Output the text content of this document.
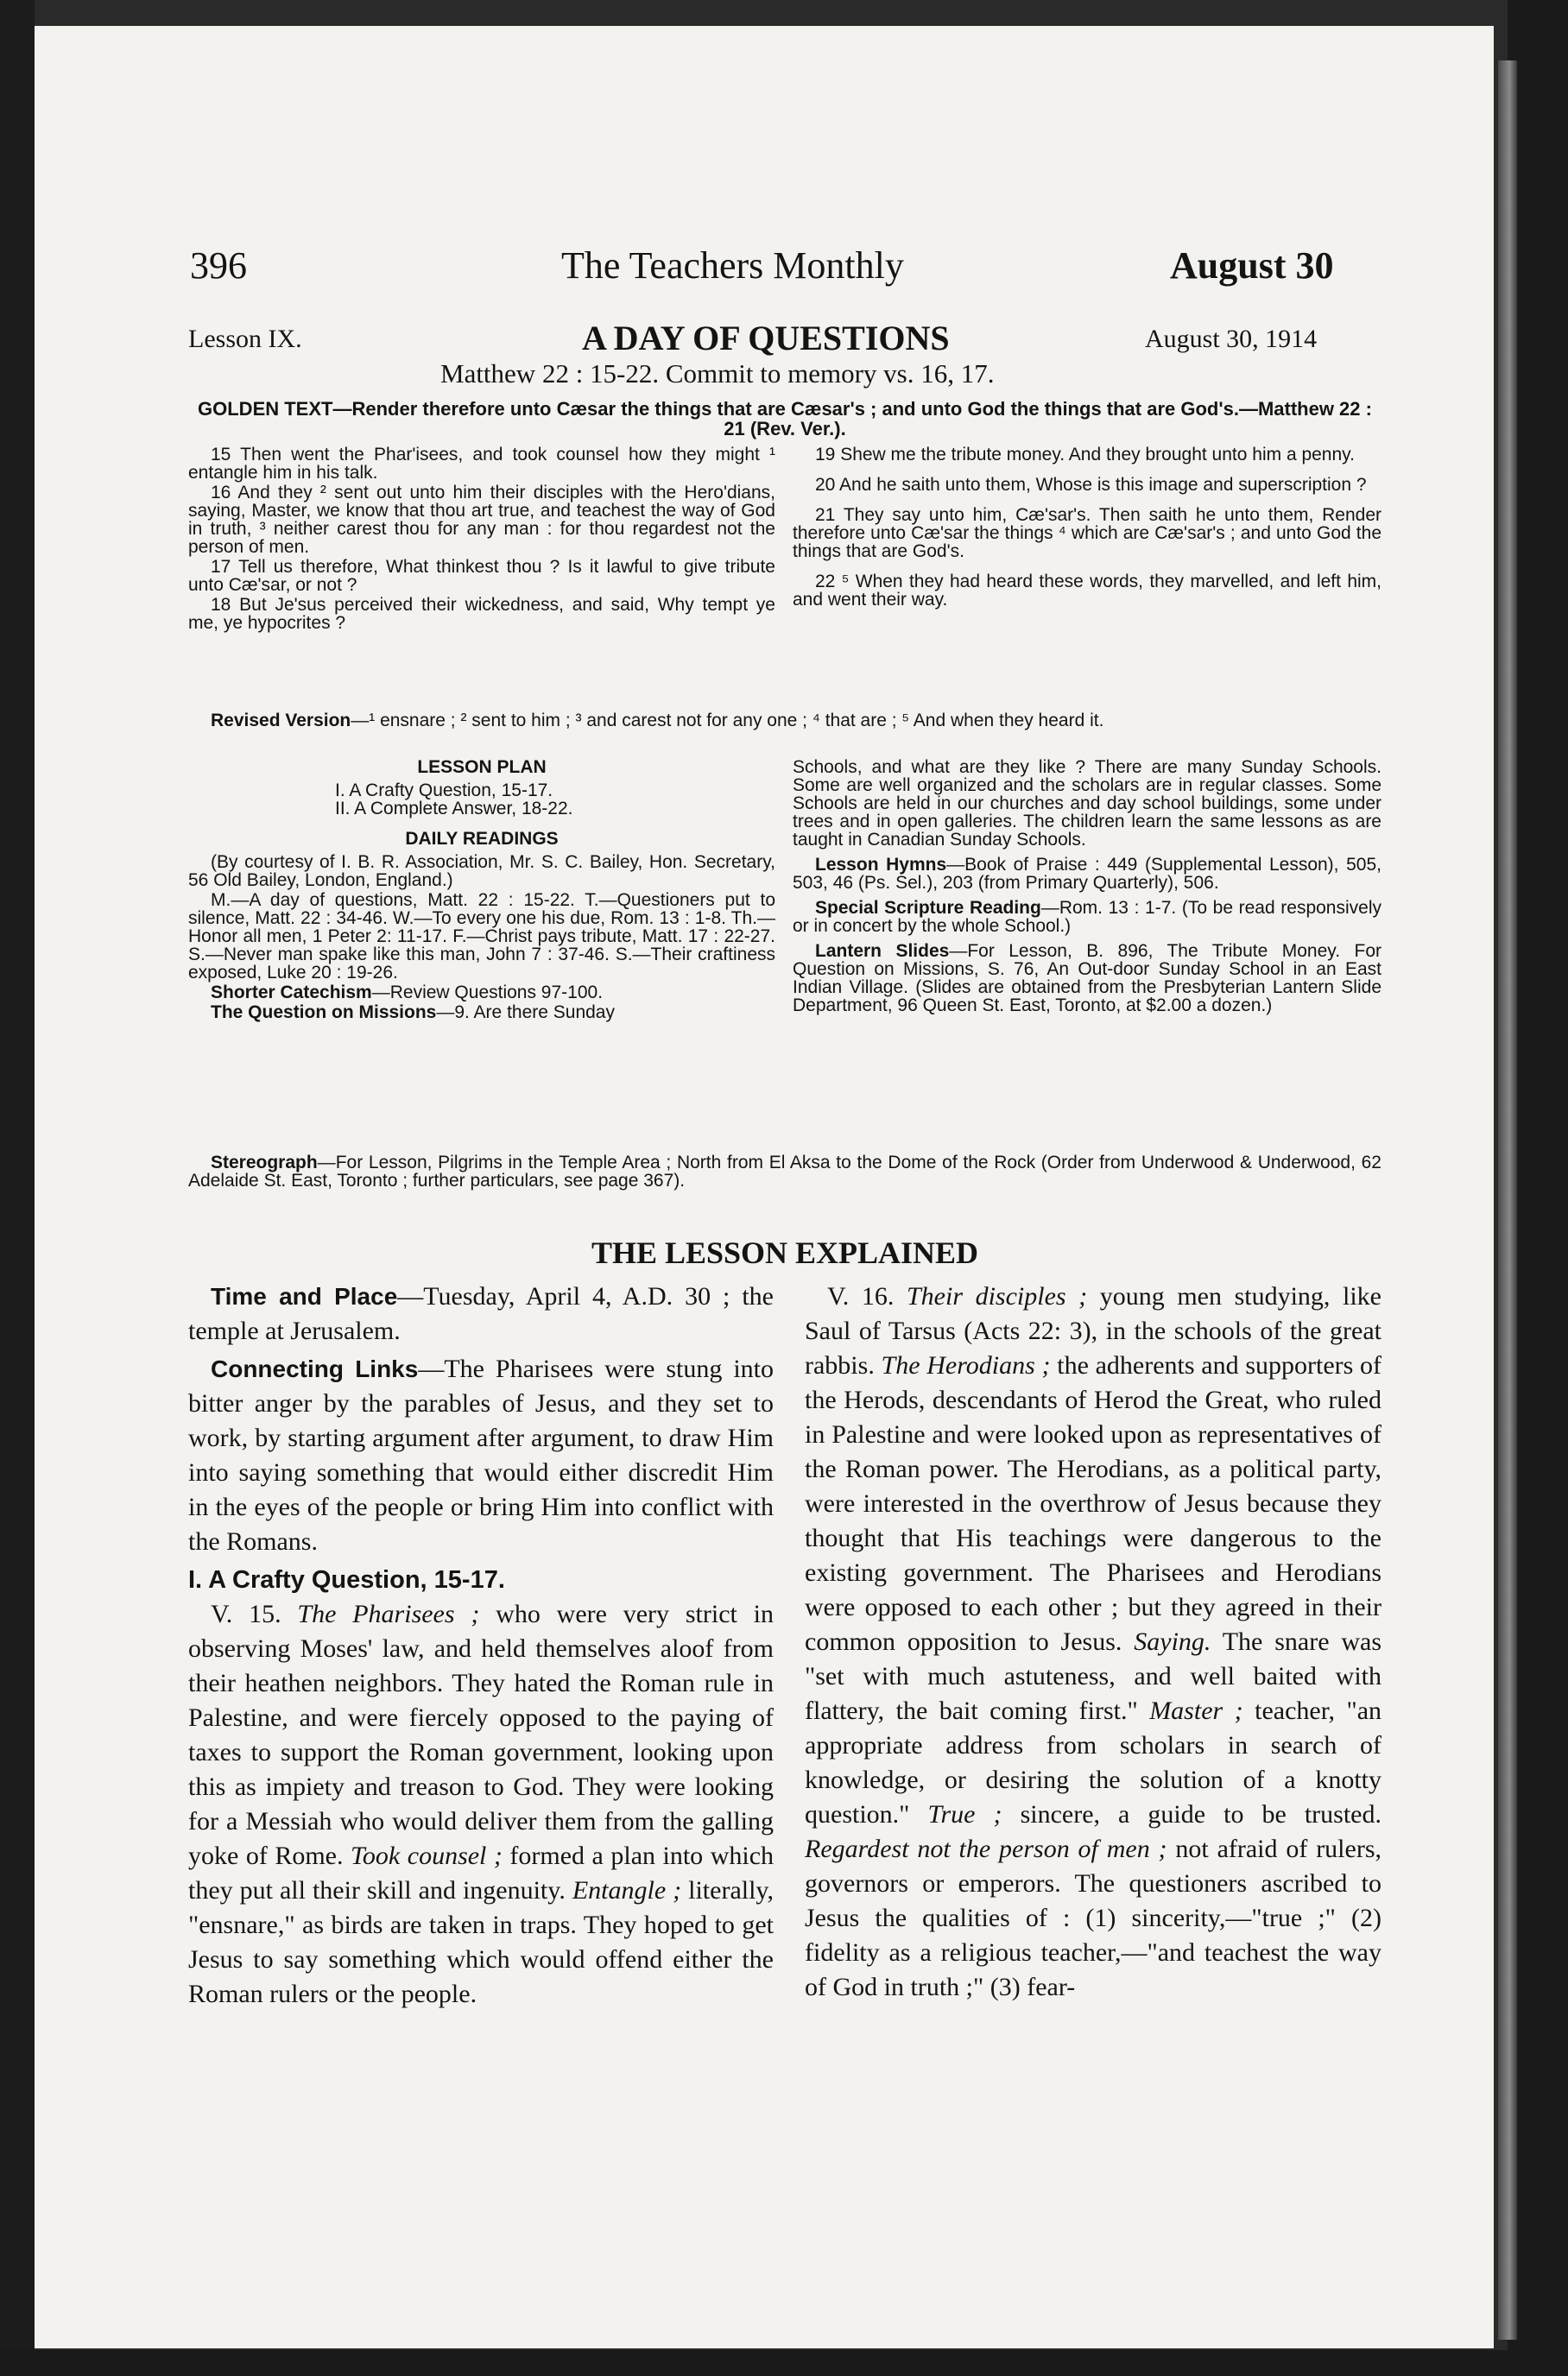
396	The Teachers Monthly	August 30
Lesson IX.	A DAY OF QUESTIONS	August 30, 1914
Matthew 22 : 15-22. Commit to memory vs. 16, 17.
GOLDEN TEXT—Render therefore unto Cæsar the things that are Cæsar's ; and unto God the things that are God's.—Matthew 22 : 21 (Rev. Ver.).

15 Then went the Phar'isees, and took counsel how they might ¹ entangle him in his talk.

16 And they ² sent out unto him their disciples with the Hero'dians, saying, Master, we know that thou art true, and teachest the way of God in truth, ³ neither carest thou for any man : for thou regardest not the person of men.

17 Tell us therefore, What thinkest thou ? Is it lawful to give tribute unto Cæ'sar, or not ?

18 But Je'sus perceived their wickedness, and said, Why tempt ye me, ye hypocrites ?

19 Shew me the tribute money. And they brought unto him a penny.

20 And he saith unto them, Whose is this image and superscription ?

21 They say unto him, Cæ'sar's. Then saith he unto them, Render therefore unto Cæ'sar the things ⁴ which are Cæ'sar's ; and unto God the things that are God's.

22 ⁵ When they had heard these words, they marvelled, and left him, and went their way.

Revised Version—¹ ensnare ; ² sent to him ; ³ and carest not for any one ; ⁴ that are ; ⁵ And when they heard it.

LESSON PLAN

I. A Crafty Question, 15-17.

II. A Complete Answer, 18-22.

DAILY READINGS

(By courtesy of I. B. R. Association, Mr. S. C. Bailey, Hon. Secretary, 56 Old Bailey, London, England.)

M.—A day of questions, Matt. 22 : 15-22. T.—Questioners put to silence, Matt. 22 : 34-46. W.—To every one his due, Rom. 13 : 1-8. Th.—Honor all men, 1 Peter 2: 11-17. F.—Christ pays tribute, Matt. 17 : 22-27. S.—Never man spake like this man, John 7 : 37-46. S.—Their craftiness exposed, Luke 20 : 19-26.

Shorter Catechism—Review Questions 97-100.

The Question on Missions—9. Are there Sunday

Schools, and what are they like ? There are many Sunday Schools. Some are well organized and the scholars are in regular classes. Some Schools are held in our churches and day school buildings, some under trees and in open galleries. The children learn the same lessons as are taught in Canadian Sunday Schools.

Lesson Hymns—Book of Praise : 449 (Supplemental Lesson), 505, 503, 46 (Ps. Sel.), 203 (from Primary Quarterly), 506.

Special Scripture Reading—Rom. 13 : 1-7. (To be read responsively or in concert by the whole School.)

Lantern Slides—For Lesson, B. 896, The Tribute Money. For Question on Missions, S. 76, An Out-door Sunday School in an East Indian Village. (Slides are obtained from the Presbyterian Lantern Slide Department, 96 Queen St. East, Toronto, at $2.00 a dozen.)

Stereograph—For Lesson, Pilgrims in the Temple Area ; North from El Aksa to the Dome of the Rock (Order from Underwood & Underwood, 62 Adelaide St. East, Toronto ; further particulars, see page 367).
THE LESSON EXPLAINED

Time and Place—Tuesday, April 4, A.D. 30 ; the temple at Jerusalem.

Connecting Links—The Pharisees were stung into bitter anger by the parables of Jesus, and they set to work, by starting argument after argument, to draw Him into saying something that would either discredit Him in the eyes of the people or bring Him into conflict with the Romans.

I. A Crafty Question, 15-17.

V. 15. The Pharisees ; who were very strict in observing Moses' law, and held themselves aloof from their heathen neighbors. They hated the Roman rule in Palestine, and were fiercely opposed to the paying of taxes to support the Roman government, looking upon this as impiety and treason to God. They were looking for a Messiah who would deliver them from the galling yoke of Rome. Took counsel ; formed a plan into which they put all their skill and ingenuity. Entangle ; literally, "ensnare," as birds are taken in traps. They hoped to get Jesus to say something which would offend either the Roman rulers or the people.

V. 16. Their disciples ; young men studying, like Saul of Tarsus (Acts 22: 3), in the schools of the great rabbis. The Herodians ; the adherents and supporters of the Herods, descendants of Herod the Great, who ruled in Palestine and were looked upon as representatives of the Roman power. The Herodians, as a political party, were interested in the overthrow of Jesus because they thought that His teachings were dangerous to the existing government. The Pharisees and Herodians were opposed to each other ; but they agreed in their common opposition to Jesus. Saying. The snare was "set with much astuteness, and well baited with flattery, the bait coming first." Master ; teacher, "an appropriate address from scholars in search of knowledge, or desiring the solution of a knotty question." True ; sincere, a guide to be trusted. Regardest not the person of men ; not afraid of rulers, governors or emperors. The questioners ascribed to Jesus the qualities of : (1) sincerity,—"true ;" (2) fidelity as a religious teacher,—"and teachest the way of God in truth ;" (3) fear-
